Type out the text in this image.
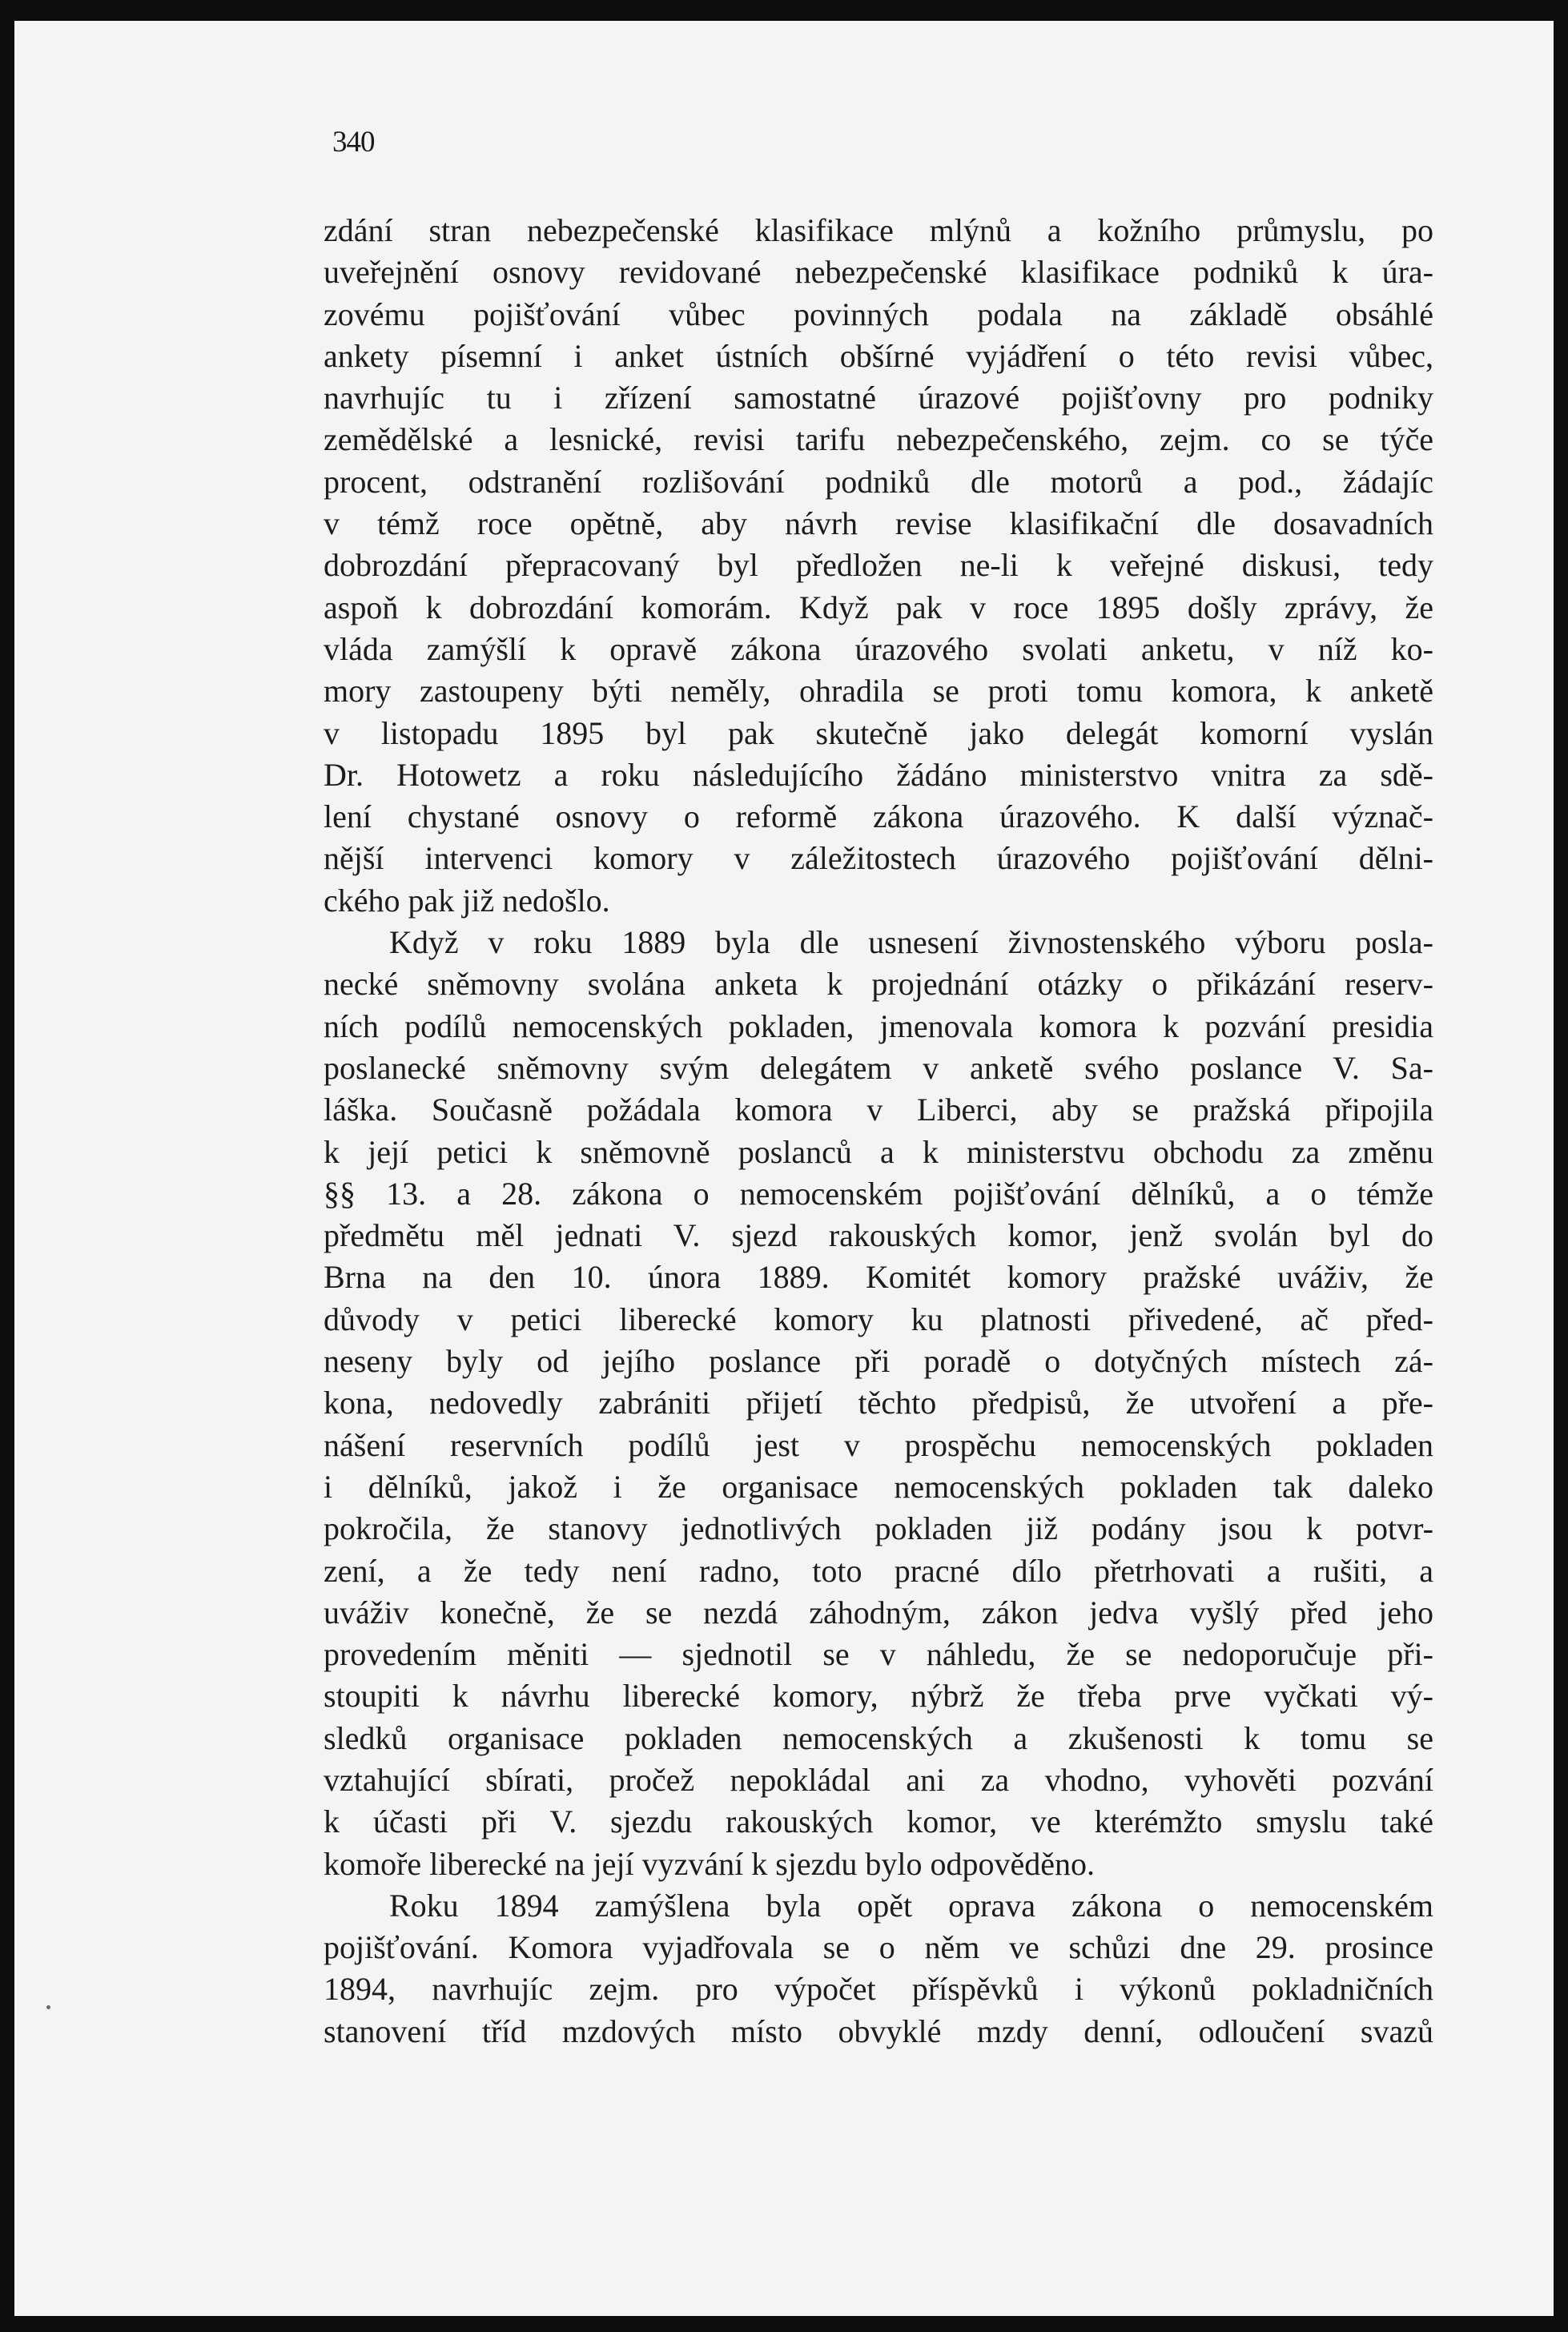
340

zdání stran nebezpečenské klasifikace mlýnů a kožního průmyslu, po
uveřejnění osnovy revidované nebezpečenské klasifikace podniků k úra-
zovému pojišťování vůbec povinných podala na základě obsáhlé
ankety písemní i anket ústních obšírné vyjádření o této revisi vůbec,
navrhujíc tu i zřízení samostatné úrazové pojišťovny pro podniky
zemědělské a lesnické, revisi tarifu nebezpečenského, zejm. co se týče
procent, odstranění rozlišování podniků dle motorů a pod., žádajíc
v témž roce opětně, aby návrh revise klasifikační dle dosavadních
dobrozdání přepracovaný byl předložen ne-li k veřejné diskusi, tedy
aspoň k dobrozdání komorám. Když pak v roce 1895 došly zprávy, že
vláda zamýšlí k opravě zákona úrazového svolati anketu, v níž ko-
mory zastoupeny býti neměly, ohradila se proti tomu komora, k anketě
v listopadu 1895 byl pak skutečně jako delegát komorní vyslán
Dr. Hotowetz a roku následujícího žádáno ministerstvo vnitra za sdě-
lení chystané osnovy o reformě zákona úrazového. K další význač-
nější intervenci komory v záležitostech úrazového pojišťování dělni-
ckého pak již nedošlo.

Když v roku 1889 byla dle usnesení živnostenského výboru posla-
necké sněmovny svolána anketa k projednání otázky o přikázání reserv-
ních podílů nemocenských pokladen, jmenovala komora k pozvání presidia
poslanecké sněmovny svým delegátem v anketě svého poslance V. Sa-
láška. Současně požádala komora v Liberci, aby se pražská připojila
k její petici k sněmovně poslanců a k ministerstvu obchodu za změnu
§§ 13. a 28. zákona o nemocenském pojišťování dělníků, a o témže
předmětu měl jednati V. sjezd rakouských komor, jenž svolán byl do
Brna na den 10. února 1889. Komitét komory pražské uváživ, že
důvody v petici liberecké komory ku platnosti přivedené, ač před-
neseny byly od jejího poslance při poradě o dotyčných místech zá-
kona, nedovedly zabrániti přijetí těchto předpisů, že utvoření a pře-
nášení reservních podílů jest v prospěchu nemocenských pokladen
i dělníků, jakož i že organisace nemocenských pokladen tak daleko
pokročila, že stanovy jednotlivých pokladen již podány jsou k potvr-
zení, a že tedy není radno, toto pracné dílo přetrhovati a rušiti, a
uváživ konečně, že se nezdá záhodným, zákon jedva vyšlý před jeho
provedením měniti — sjednotil se v náhledu, že se nedoporučuje při-
stoupiti k návrhu liberecké komory, nýbrž že třeba prve vyčkati vý-
sledků organisace pokladen nemocenských a zkušenosti k tomu se
vztahující sbírati, pročež nepokládal ani za vhodno, vyhověti pozvání
k účasti při V. sjezdu rakouských komor, ve kterémžto smyslu také
komoře liberecké na její vyzvání k sjezdu bylo odpověděno.

Roku 1894 zamýšlena byla opět oprava zákona o nemocenském
pojišťování. Komora vyjadřovala se o něm ve schůzi dne 29. prosince
1894, navrhujíc zejm. pro výpočet příspěvků i výkonů pokladničních
stanovení tříd mzdových místo obvyklé mzdy denní, odloučení svazů
